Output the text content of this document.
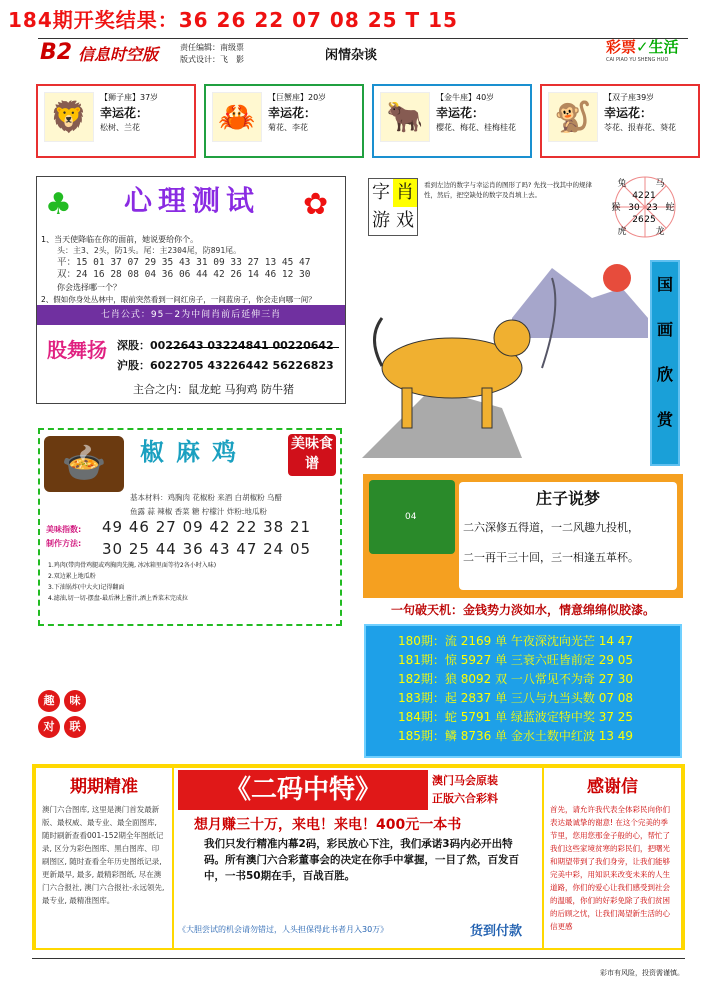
184期开奖结果：36 26 22 07 08 25 T 15
B2 信息时空版	责任编辑：南级票
版式设计：飞　影	闲情杂谈	彩票✓生活
CAI PIAO YU SHENG HUO
🦁
【狮子座】37岁
幸运花：
松树、兰花	🦀
【巨蟹座】20岁
幸运花：
菊花、李花	🐂
【金牛座】40岁
幸运花：
樱花、梅花、桂梅桂花 🐒
【双子座39岁
幸运花：
苓花、报春花、葵花
♣	✿
心理测试
1、当天使降临在你的面前，她说要给你个。
头：主3、2头，防1头。尾：主2304尾，防891尾。
平：15 01 37 07 29 35 43 31 09 33 27 13 45 47
双：24 16 28 08 04 36 06 44 42 26 14 46 12 30
你会选择哪一个？
2、假如你身处丛林中，眼前突然看到一间红房子，一间蓝房子，你会走向哪一间？
七肖公式：95－2为中间肖前后延伸三肖
股舞扬 深股：0022643 03224841 00220642
沪股：6022705 43226442 56226823
主合之内：鼠龙蛇 马狗鸡 防牛猪
🍲	椒麻鸡	美味食谱
基本材料：鸡胸肉 花椒粉 来酒 白胡椒粉 乌醋
鱼露 蒜 辣椒 香菜 糖 柠檬汁 炸粉:地瓜粉
美味指数: 49 46 27 09 42 22 38 21
制作方法: 30 25 44 36 43 47 24 05
1.鸡肉(带肉骨鸡腿或鸡胸肉先腌, 冰冰箱里面等待2各小时入味)
2.双边累上地瓜粉
3.下油锅炸(中大火)记得翻面
4.滤油,切一切-摆盘-最后淋上酱汁,洒上香菜末完成拉
趣	味
对	联
字 肖
游 戏
看到左边的数字与幸运肖的图形了吗? 先找一找其中的规律性，然后，把空缺处的数字及肖填上去。
兔	马
42 21
猴 30 23 蛇
26 25
虎	龙
国
画
欣
赏
04
庄子说梦
二六深修五得道，一二风趣九投机，
二一再干三十回，三一相逢五革杯。
一句破天机：金钱势力淡如水，情意绵绵似胶漆。
180期：流 2169 单 午夜深沈向光芒 14 47
181期：惊 5927 单 三衰六旺皆前定 29 05
182期：狼 8092 双 一八常见不为奇 27 30
183期：起 2837 单 三八与九当头数 07 08
184期：蛇 5791 单 绿蓝波定特中奖 37 25
185期：鳞 8736 单 金水土数中红波 13 49
期期精准
澳门六合图库, 这里是澳门首发最新版、最权威、最专业、最全面图库, 随时刷新查看001-152期全年图纸记录, 区分为彩色图库、黑白图库、印刷图区, 随时查看全年历史图纸记录, 更新最早, 最多, 最精彩图纸, 尽在澳门六合报社, 澳门六合报社-永远领先, 最专业, 最精准图库。
《二码中特》	澳门马会原装
正版六合彩料
想月赚三十万，来电！来电！400元一本书
我们只发行精准内幕2码，彩民放心下注，我们承诺3码内必开出特码。所有澳门六合彩董事会的决定在你手中掌握，一目了然，百发百中，一书50期在手，百战百胜。
《大胆尝试的机会请勿错过，人头担保得此书者月入30万》	货到付款
感谢信
首先，请允许我代表全体彩民向你们表达最诚挚的谢意! 在这个完美的季节里，您用您那金子般的心，帮忙了我们这些家境贫寒的彩民们，把曙光和期望带到了我们身旁，让我们能够完美中彩，用知识来改变未来的人生道路，你们的爱心让我们感受到社会的温暖，你们的好彩免除了我们贫困的后顾之忧，让我们渴望新生活的心信更感
彩市有风险，投资需谨慎。
